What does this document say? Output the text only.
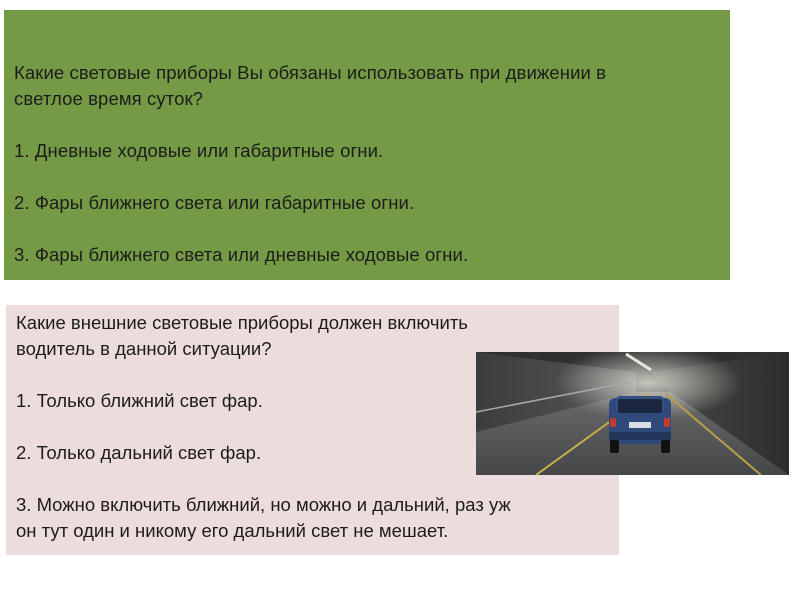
Какие световые приборы Вы обязаны использовать при движении в
светлое время суток?
1. Дневные ходовые или габаритные огни.
2. Фары ближнего света или габаритные огни.
3. Фары ближнего света или дневные ходовые огни.
Какие внешние световые приборы должен включить
водитель в данной ситуации?
1. Только ближний свет фар.
2. Только дальний свет фар.
3. Можно включить ближний, но можно и дальний, раз уж
он тут один и никому его дальний свет не мешает.
